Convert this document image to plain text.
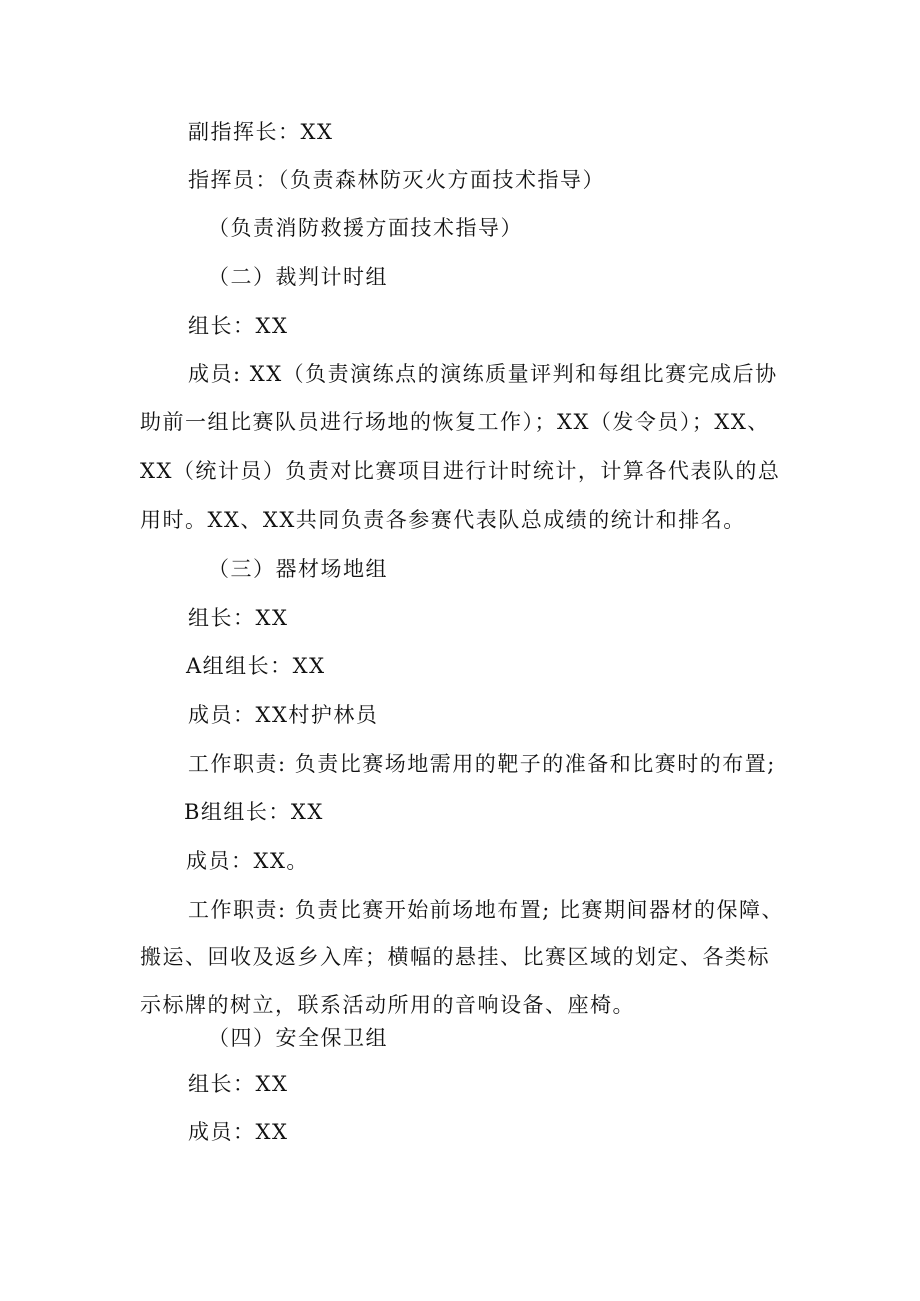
副指挥长：XX
指挥员：（负责森林防灭火方面技术指导）
（负责消防救援方面技术指导）
（二）裁判计时组
组长：XX
成员: XX（负责演练点的演练质量评判和每组比赛完成后协
助前一组比赛队员进行场地的恢复工作）；XX（发令员）；XX、
XX（统计员）负责对比赛项目进行计时统计，计算各代表队的总
用时。XX、XX共同负责各参赛代表队总成绩的统计和排名。
（三）器材场地组
组长：XX
A组组长：XX
成员：XX村护林员
工作职责: 负责比赛场地需用的靶子的准备和比赛时的布置;
B组组长：XX
成员：XX。
工作职责: 负责比赛开始前场地布置; 比赛期间器材的保障、
搬运、回收及返乡入库；横幅的悬挂、比赛区域的划定、各类标
示标牌的树立，联系活动所用的音响设备、座椅。
（四）安全保卫组
组长：XX
成员：XX
